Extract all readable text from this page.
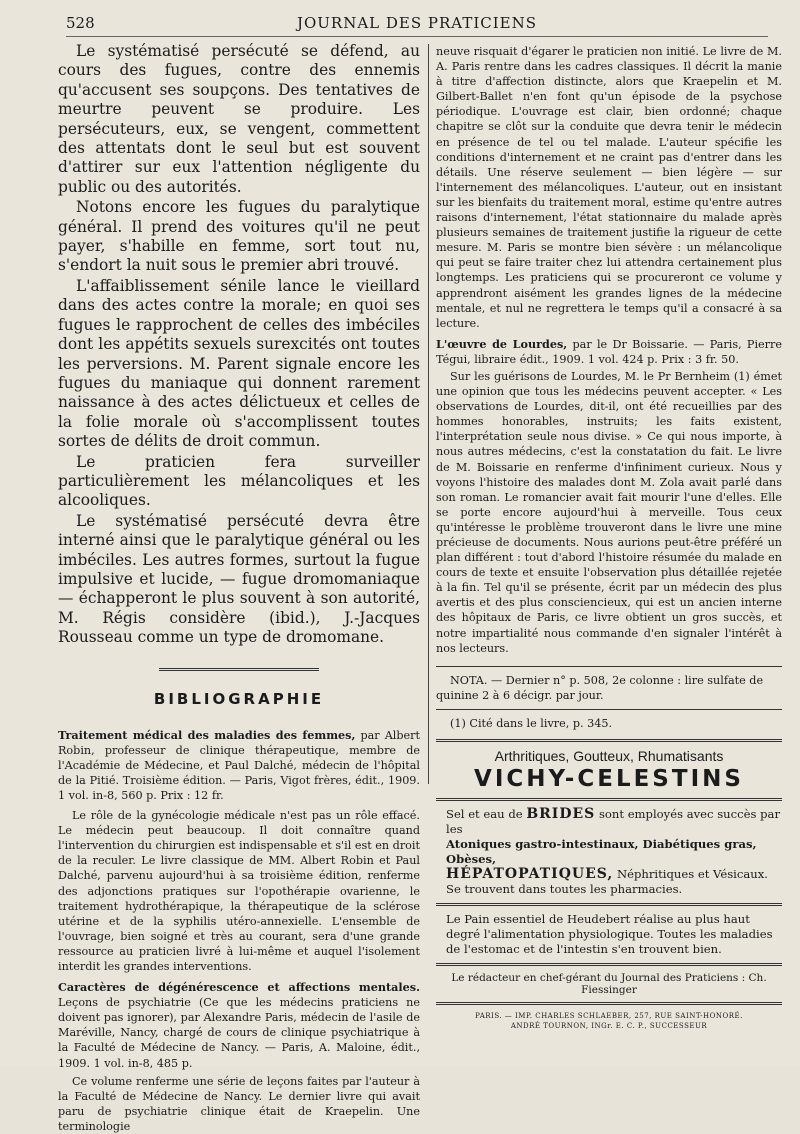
528	JOURNAL DES PRATICIENS

Le systématisé persécuté se défend, au cours des fugues, contre des ennemis qu'accusent ses soupçons. Des tentatives de meurtre peuvent se produire. Les persécuteurs, eux, se vengent, commettent des attentats dont le seul but est souvent d'attirer sur eux l'attention négligente du public ou des autorités.

Notons encore les fugues du paralytique général. Il prend des voitures qu'il ne peut payer, s'habille en femme, sort tout nu, s'endort la nuit sous le premier abri trouvé.

L'affaiblissement sénile lance le vieillard dans des actes contre la morale; en quoi ses fugues le rapprochent de celles des imbéciles dont les appétits sexuels surexcités ont toutes les perversions. M. Parent signale encore les fugues du maniaque qui donnent rarement naissance à des actes délictueux et celles de la folie morale où s'accomplissent toutes sortes de délits de droit commun.

Le praticien fera surveiller particulièrement les mélancoliques et les alcooliques.

Le systématisé persécuté devra être interné ainsi que le paralytique général ou les imbéciles. Les autres formes, surtout la fugue impulsive et lucide, — fugue dromomaniaque — échapperont le plus souvent à son autorité, M. Régis considère (ibid.), J.-Jacques Rousseau comme un type de dromomane.

BIBLIOGRAPHIE

Traitement médical des maladies des femmes, par Albert Robin, professeur de clinique thérapeutique, membre de l'Académie de Médecine, et Paul Dalché, médecin de l'hôpital de la Pitié. Troisième édition. — Paris, Vigot frères, édit., 1909. 1 vol. in-8, 560 p. Prix : 12 fr.

Le rôle de la gynécologie médicale n'est pas un rôle effacé. Le médecin peut beaucoup. Il doit connaître quand l'intervention du chirurgien est indispensable et s'il est en droit de la reculer. Le livre classique de MM. Albert Robin et Paul Dalché, parvenu aujourd'hui à sa troisième édition, renferme des adjonctions pratiques sur l'opothérapie ovarienne, le traitement hydrothérapique, la thérapeutique de la sclérose utérine et de la syphilis utéro-annexielle. L'ensemble de l'ouvrage, bien soigné et très au courant, sera d'une grande ressource au praticien livré à lui-même et auquel l'isolement interdit les grandes interventions.

Caractères de dégénérescence et affections mentales. Leçons de psychiatrie (Ce que les médecins praticiens ne doivent pas ignorer), par Alexandre Paris, médecin de l'asile de Maréville, Nancy, chargé de cours de clinique psychiatrique à la Faculté de Médecine de Nancy. — Paris, A. Maloine, édit., 1909. 1 vol. in-8, 485 p.

Ce volume renferme une série de leçons faites par l'auteur à la Faculté de Médecine de Nancy. Le dernier livre qui avait paru de psychiatrie clinique était de Kraepelin. Une terminologie

neuve risquait d'égarer le praticien non initié. Le livre de M. A. Paris rentre dans les cadres classiques. Il décrit la manie à titre d'affection distincte, alors que Kraepelin et M. Gilbert-Ballet n'en font qu'un épisode de la psychose périodique. L'ouvrage est clair, bien ordonné; chaque chapitre se clôt sur la conduite que devra tenir le médecin en présence de tel ou tel malade. L'auteur spécifie les conditions d'internement et ne craint pas d'entrer dans les détails. Une réserve seulement — bien légère — sur l'internement des mélancoliques. L'auteur, out en insistant sur les bienfaits du traitement moral, estime qu'entre autres raisons d'internement, l'état stationnaire du malade après plusieurs semaines de traitement justifie la rigueur de cette mesure. M. Paris se montre bien sévère : un mélancolique qui peut se faire traiter chez lui attendra certainement plus longtemps. Les praticiens qui se procureront ce volume y apprendront aisément les grandes lignes de la médecine mentale, et nul ne regrettera le temps qu'il a consacré à sa lecture.

L'œuvre de Lourdes, par le Dr Boissarie. — Paris, Pierre Tégui, libraire édit., 1909. 1 vol. 424 p. Prix : 3 fr. 50.

Sur les guérisons de Lourdes, M. le Pr Bernheim (1) émet une opinion que tous les médecins peuvent accepter. « Les observations de Lourdes, dit-il, ont été recueillies par des hommes honorables, instruits; les faits existent, l'interprétation seule nous divise. » Ce qui nous importe, à nous autres médecins, c'est la constatation du fait. Le livre de M. Boissarie en renferme d'infiniment curieux. Nous y voyons l'histoire des malades dont M. Zola avait parlé dans son roman. Le romancier avait fait mourir l'une d'elles. Elle se porte encore aujourd'hui à merveille. Tous ceux qu'intéresse le problème trouveront dans le livre une mine précieuse de documents. Nous aurions peut-être préféré un plan différent : tout d'abord l'histoire résumée du malade en cours de texte et ensuite l'observation plus détaillée rejetée à la fin. Tel qu'il se présente, écrit par un médecin des plus avertis et des plus consciencieux, qui est un ancien interne des hôpitaux de Paris, ce livre obtient un gros succès, et notre impartialité nous commande d'en signaler l'intérêt à nos lecteurs.

NOTA. — Dernier n° p. 508, 2e colonne : lire sulfate de quinine 2 à 6 décigr. par jour.

(1) Cité dans le livre, p. 345.

Arthritiques, Goutteux, Rhumatisants
VICHY-CELESTINS
Sel et eau de BRIDES sont employés avec succès par les
Atoniques gastro-intestinaux, Diabétiques gras, Obèses,
HÉPATOPATIQUES, Néphritiques et Vésicaux.
Se trouvent dans toutes les pharmacies.
Le Pain essentiel de Heudebert réalise au plus haut degré l'alimentation physiologique. Toutes les maladies de l'estomac et de l'intestin s'en trouvent bien.
Le rédacteur en chef-gérant du Journal des Praticiens : Ch. Fiessinger
PARIS. — IMP. CHARLES SCHLAEBER, 257, RUE SAINT-HONORÉ.
ANDRÉ TOURNON, INGr. E. C. P., SUCCESSEUR
